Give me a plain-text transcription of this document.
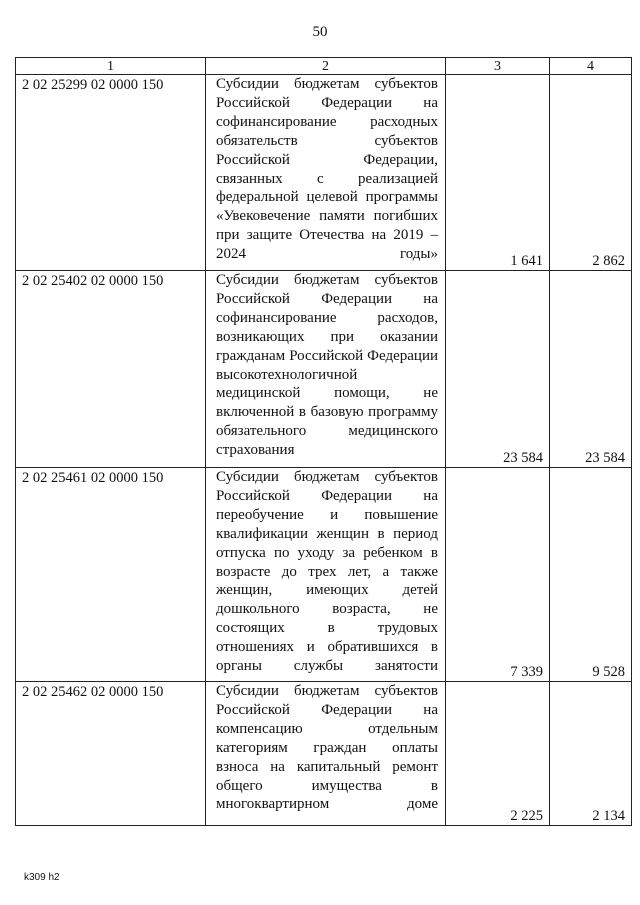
50
1	2	3	4
2 02 25299 02 0000 150	Субсидии бюджетам субъектов Российской Федерации на софинансирование расходных обязательств субъектов Российской Федерации, связанных с реализацией федеральной целевой программы «Увековечение памяти погибших при защите Отечества на 2019 – 2024 годы»	1 641	2 862
2 02 25402 02 0000 150	Субсидии бюджетам субъектов Российской Федерации на софинансирование расходов, возникающих при оказании гражданам Российской Федерации высокотехнологичной медицинской помощи, не включенной в базовую программу обязательного медицинского страхования	23 584	23 584
2 02 25461 02 0000 150	Субсидии бюджетам субъектов Российской Федерации на переобучение и повышение квалификации женщин в период отпуска по уходу за ребенком в возрасте до трех лет, а также женщин, имеющих детей дошкольного возраста, не состоящих в трудовых отношениях и обратившихся в органы службы занятости	7 339	9 528
2 02 25462 02 0000 150	Субсидии бюджетам субъектов Российской Федерации на компенсацию отдельным категориям граждан оплаты взноса на капитальный ремонт общего имущества в многоквартирном доме	2 225	2 134
k309 h2
